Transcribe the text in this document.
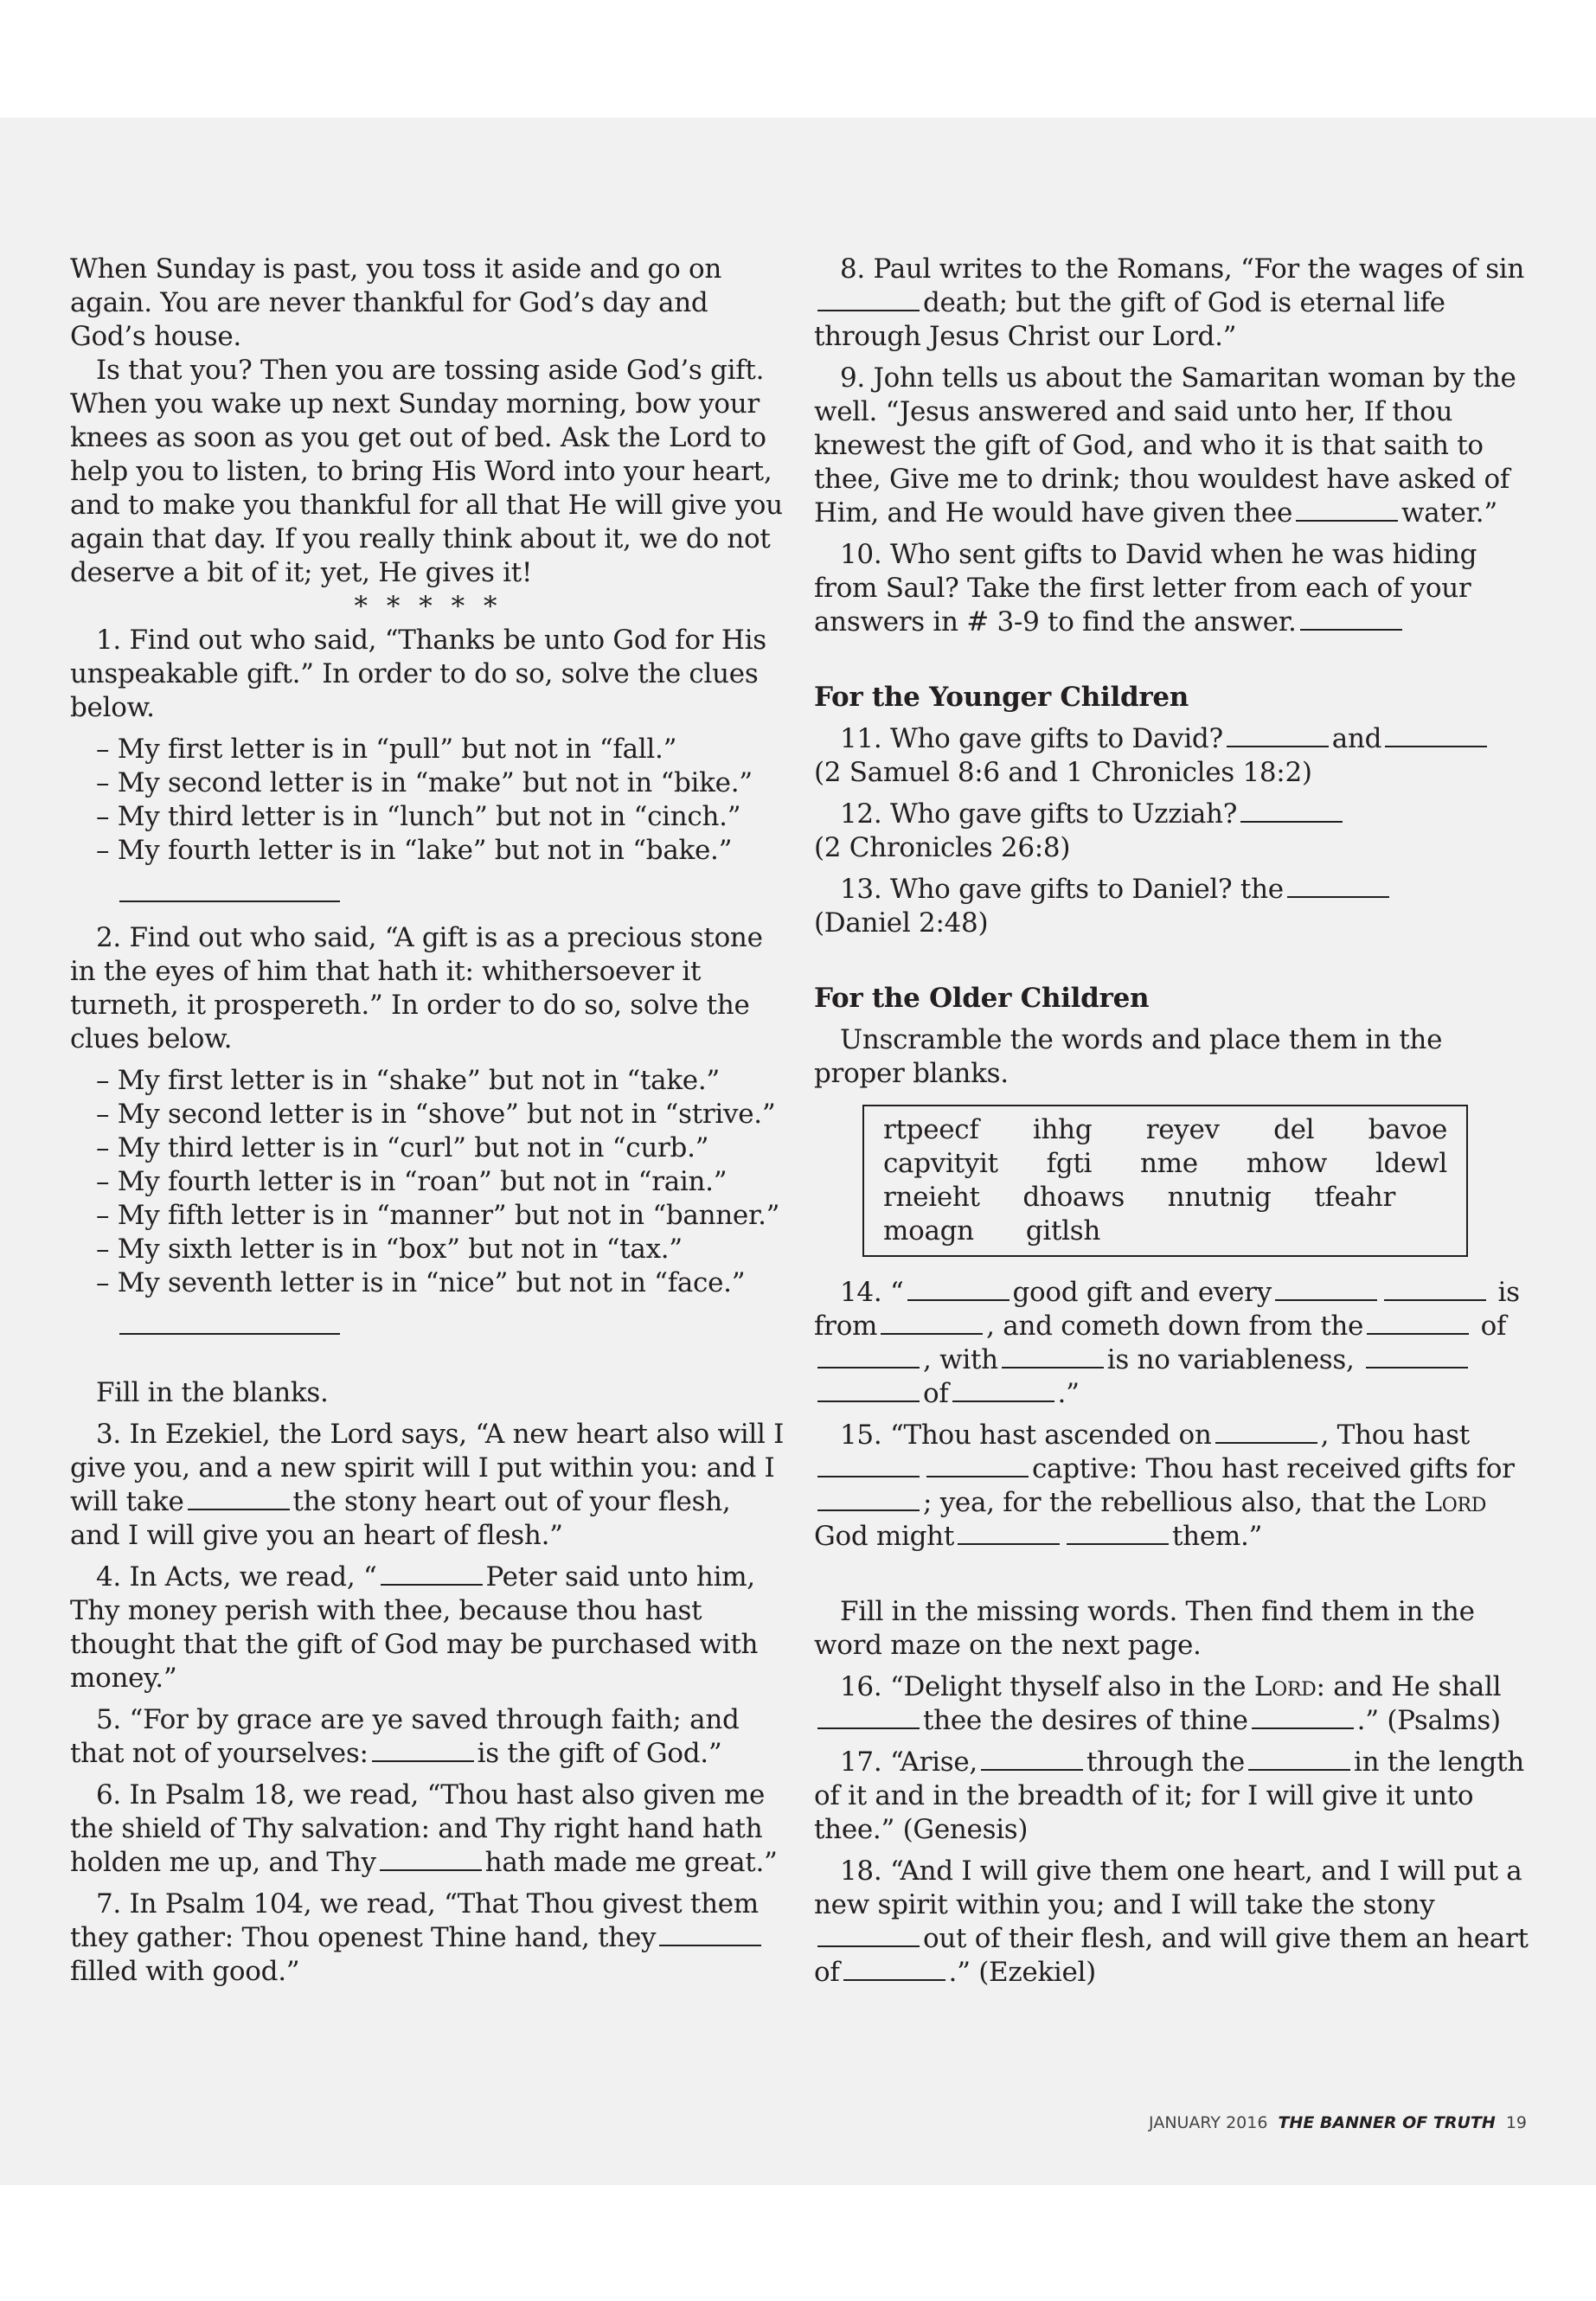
When Sunday is past, you toss it aside and go on again. You are never thankful for God’s day and God’s house.

Is that you? Then you are tossing aside God’s gift. When you wake up next Sunday morning, bow your knees as soon as you get out of bed. Ask the Lord to help you to listen, to bring His Word into your heart, and to make you thankful for all that He will give you again that day. If you really think about it, we do not deserve a bit of it; yet, He gives it!

* * * * *

1. Find out who said, “Thanks be unto God for His unspeakable gift.” In order to do so, solve the clues below.

– My first letter is in “pull” but not in “fall.”
– My second letter is in “make” but not in “bike.”
– My third letter is in “lunch” but not in “cinch.”
– My fourth letter is in “lake” but not in “bake.”

2. Find out who said, “A gift is as a precious stone in the eyes of him that hath it: whithersoever it turneth, it prospereth.” In order to do so, solve the clues below.

– My first letter is in “shake” but not in “take.”
– My second letter is in “shove” but not in “strive.”
– My third letter is in “curl” but not in “curb.”
– My fourth letter is in “roan” but not in “rain.”
– My fifth letter is in “manner” but not in “banner.”
– My sixth letter is in “box” but not in “tax.”
– My seventh letter is in “nice” but not in “face.”

Fill in the blanks.

3. In Ezekiel, the Lord says, “A new heart also will I give you, and a new spirit will I put within you: and I will take	the stony heart out of your flesh, and I will give you an heart of flesh.”

4. In Acts, we read, “	Peter said unto him, Thy money perish with thee, because thou hast thought that the gift of God may be purchased with money.”

5. “For by grace are ye saved through faith; and that not of yourselves:	is the gift of God.”

6. In Psalm 18, we read, “Thou hast also given me the shield of Thy salvation: and Thy right hand hath holden me up, and Thy	hath made me great.”

7. In Psalm 104, we read, “That Thou givest them they gather: Thou openest Thine hand, theyfilled with good.”

8. Paul writes to the Romans, “For the wages of sindeath; but the gift of God is eternal life through Jesus Christ our Lord.”

9. John tells us about the Samaritan woman by the well. “Jesus answered and said unto her, If thou knewest the gift of God, and who it is that saith to thee, Give me to drink; thou wouldest have asked of Him, and He would have given thee	water.”

10. Who sent gifts to David when he was hiding from Saul? Take the first letter from each of your answers in # 3-9 to find the answer.

For the Younger Children

11. Who gave gifts to David?	and
(2 Samuel 8:6 and 1 Chronicles 18:2)

12. Who gave gifts to Uzziah?
(2 Chronicles 26:8)

13. Who gave gifts to Daniel? the
(Daniel 2:48)

For the Older Children

Unscramble the words and place them in the proper blanks.

rtpeecf ihhg reyev del bavoe
capvityit fgti nme mhow ldewl
rneieht dhoaws nnutnig tfeahr
moagn gitlsh

14. “	good gift and every	is from	, and cometh down from the	of, with	is no variableness, of	.”

15. “Thou hast ascended on	, Thou hast captive: Thou hast received gifts for; yea, for the rebellious also, that the Lord God might	them.”

Fill in the missing words. Then find them in the word maze on the next page.

16. “Delight thyself also in the Lord: and He shall thee the desires of thine	.” (Psalms)

17. “Arise,	through the	in the length of it and in the breadth of it; for I will give it unto thee.” (Genesis)

18. “And I will give them one heart, and I will put a new spirit within you; and I will take the stony out of their flesh, and will give them an heart of	.” (Ezekiel)

JANUARY 2016 THE BANNER OF TRUTH 19
